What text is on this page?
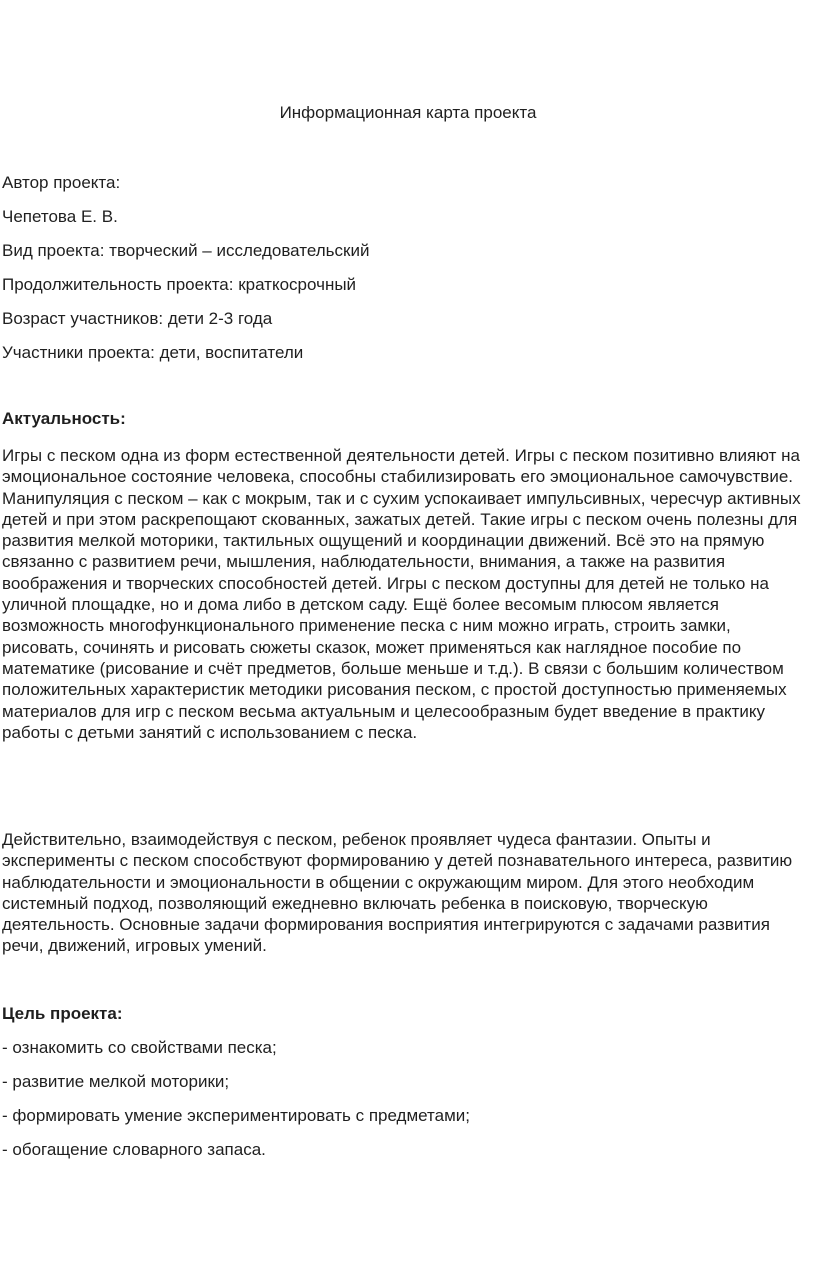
Информационная карта проекта
Автор проекта:
Чепетова Е. В.
Вид проекта: творческий – исследовательский
Продолжительность проекта: краткосрочный
Возраст участников: дети 2-3 года
Участники проекта: дети, воспитатели
Актуальность:
Игры с песком одна из форм естественной деятельности детей. Игры с песком позитивно влияют на эмоциональное состояние человека, способны стабилизировать его эмоциональное самочувствие. Манипуляция с песком – как с мокрым, так и с сухим успокаивает импульсивных, чересчур активных детей и при этом раскрепощают скованных, зажатых детей. Такие игры с песком очень полезны для развития мелкой моторики, тактильных ощущений и координации движений. Всё это на прямую связанно с развитием речи, мышления, наблюдательности, внимания, а также на развития воображения и творческих способностей детей. Игры с песком доступны для детей не только на уличной площадке, но и дома либо в детском саду. Ещё более весомым плюсом является возможность многофункционального применение песка с ним можно играть, строить замки, рисовать, сочинять и рисовать сюжеты сказок, может применяться как наглядное пособие по математике (рисование и счёт предметов, больше меньше и т.д.). В связи с большим количеством положительных характеристик методики рисования песком, с простой доступностью применяемых материалов для игр с песком весьма актуальным и целесообразным будет введение в практику работы с детьми занятий с использованием с песка.
Действительно, взаимодействуя с песком, ребенок проявляет чудеса фантазии. Опыты и эксперименты с песком способствуют формированию у детей познавательного интереса, развитию наблюдательности и эмоциональности в общении с окружающим миром. Для этого необходим системный подход, позволяющий ежедневно включать ребенка в поисковую, творческую деятельность. Основные задачи формирования восприятия интегрируются с задачами развития речи, движений, игровых умений.
Цель проекта:
- ознакомить со свойствами песка;
- развитие мелкой моторики;
- формировать умение экспериментировать с предметами;
- обогащение словарного запаса.
